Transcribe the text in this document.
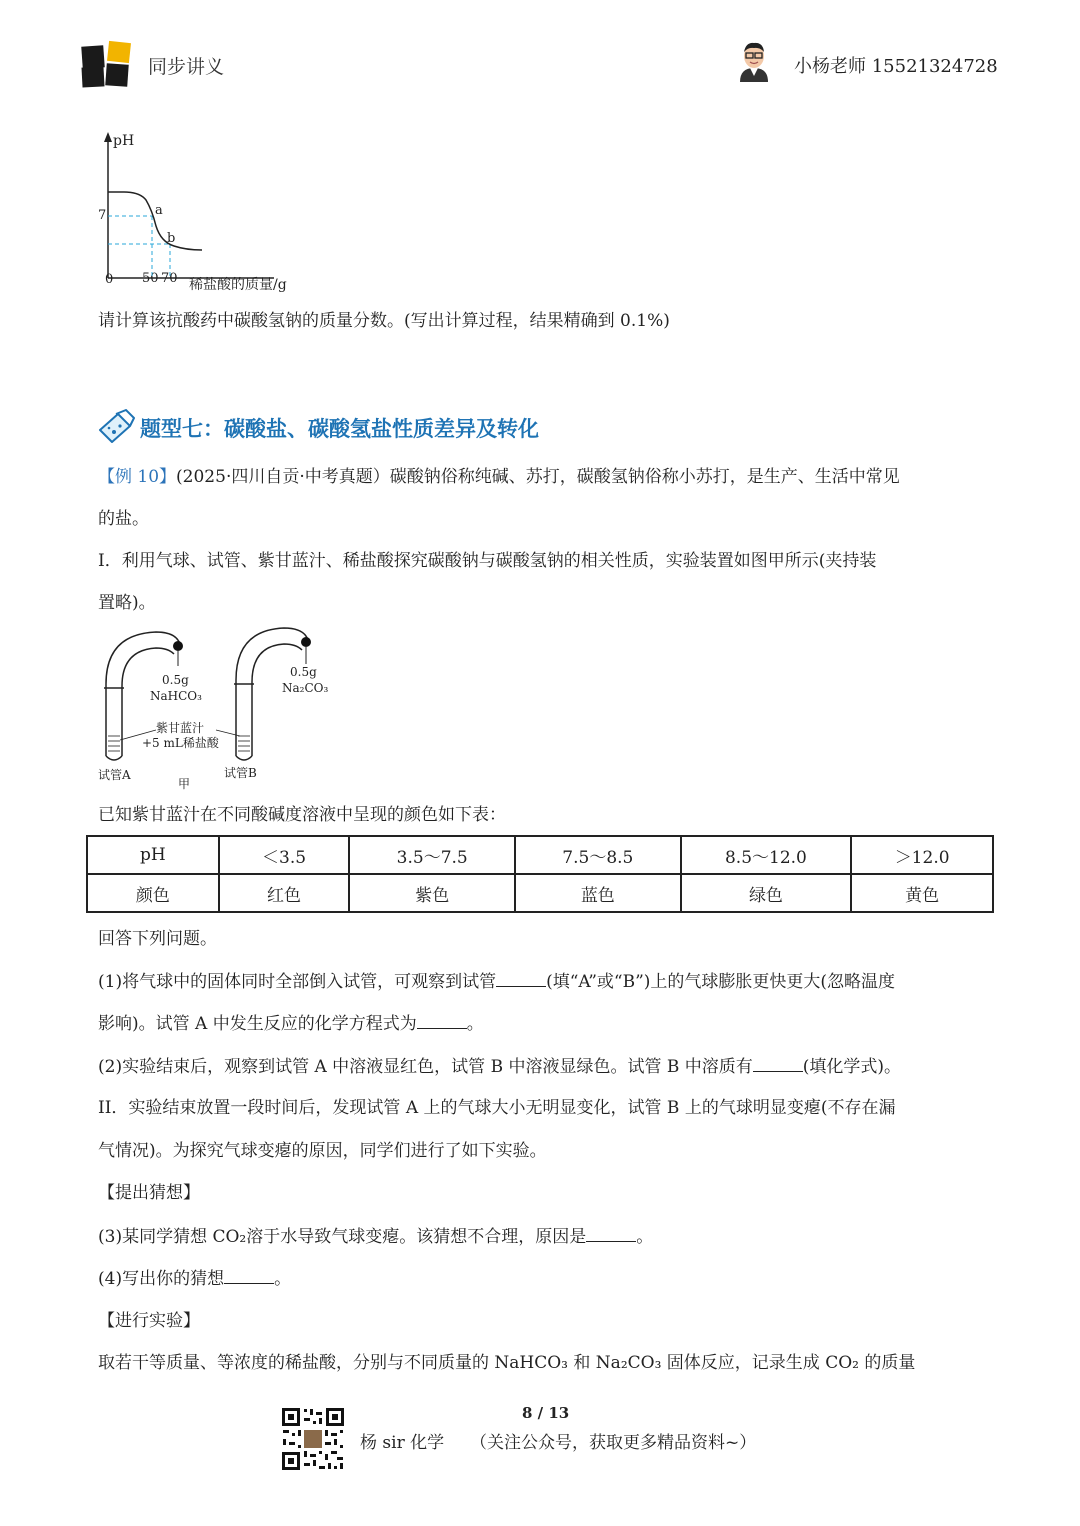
同步讲义	小杨老师 15521324728
pH
7
0 50 70
a
b
稀盐酸的质量/g
请计算该抗酸药中碳酸氢钠的质量分数。(写出计算过程，结果精确到 0.1%)
题型七：碳酸盐、碳酸氢盐性质差异及转化
【例 10】(2025·四川自贡·中考真题）碳酸钠俗称纯碱、苏打，碳酸氢钠俗称小苏打，是生产、生活中常见
的盐。
I．利用气球、试管、紫甘蓝汁、稀盐酸探究碳酸钠与碳酸氢钠的相关性质，实验装置如图甲所示(夹持装
置略)。
0.5g
NaHCO₃
0.5g
Na₂CO₃
紫甘蓝汁
+5 mL稀盐酸
试管A	试管B
甲
已知紫甘蓝汁在不同酸碱度溶液中呈现的颜色如下表：
pH	＜3.5	3.5～7.5	7.5～8.5	8.5～12.0	＞12.0
颜色	红色	紫色	蓝色	绿色	黄色
回答下列问题。
(1)将气球中的固体同时全部倒入试管，可观察到试管	(填“A”或“B”)上的气球膨胀更快更大(忽略温度
影响)。试管 A 中发生反应的化学方程式为	。
(2)实验结束后，观察到试管 A 中溶液显红色，试管 B 中溶液显绿色。试管 B 中溶质有	(填化学式)。
II．实验结束放置一段时间后，发现试管 A 上的气球大小无明显变化，试管 B 上的气球明显变瘪(不存在漏
气情况)。为探究气球变瘪的原因，同学们进行了如下实验。
【提出猜想】
(3)某同学猜想 CO₂溶于水导致气球变瘪。该猜想不合理，原因是	。
(4)写出你的猜想	。
【进行实验】
取若干等质量、等浓度的稀盐酸，分别与不同质量的 NaHCO₃ 和 Na₂CO₃ 固体反应，记录生成 CO₂ 的质量
8 / 13
杨 sir 化学 （关注公众号，获取更多精品资料~）
